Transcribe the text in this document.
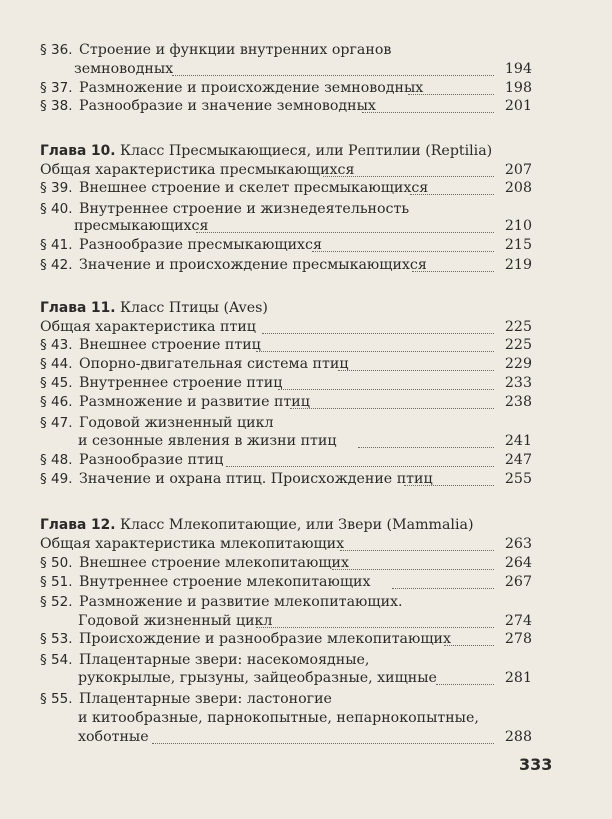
§ 36. Строение и функции внутренних органов
земноводных	194
§ 37. Размножение и происхождение земноводных	198
§ 38. Разнообразие и значение земноводных	201
Глава 10. Класс Пресмыкающиеся, или Рептилии (Reptilia)
Общая характеристика пресмыкающихся	207
§ 39. Внешнее строение и скелет пресмыкающихся	208
§ 40. Внутреннее строение и жизнедеятельность
пресмыкающихся	210
§ 41. Разнообразие пресмыкающихся	215
§ 42. Значение и происхождение пресмыкающихся	219
Глава 11. Класс Птицы (Aves)
Общая характеристика птиц	225
§ 43. Внешнее строение птиц	225
§ 44. Опорно-двигательная система птиц	229
§ 45. Внутреннее строение птиц	233
§ 46. Размножение и развитие птиц	238
§ 47. Годовой жизненный цикл
и сезонные явления в жизни птиц	241
§ 48. Разнообразие птиц	247
§ 49. Значение и охрана птиц. Происхождение птиц	255
Глава 12. Класс Млекопитающие, или Звери (Mammalia)
Общая характеристика млекопитающих	263
§ 50. Внешнее строение млекопитающих	264
§ 51. Внутреннее строение млекопитающих	267
§ 52. Размножение и развитие млекопитающих.
Годовой жизненный цикл	274
§ 53. Происхождение и разнообразие млекопитающих	278
§ 54. Плацентарные звери: насекомоядные,
рукокрылые, грызуны, зайцеобразные, хищные	281
§ 55. Плацентарные звери: ластоногие
и китообразные, парнокопытные, непарнокопытные,
хоботные	288
333
